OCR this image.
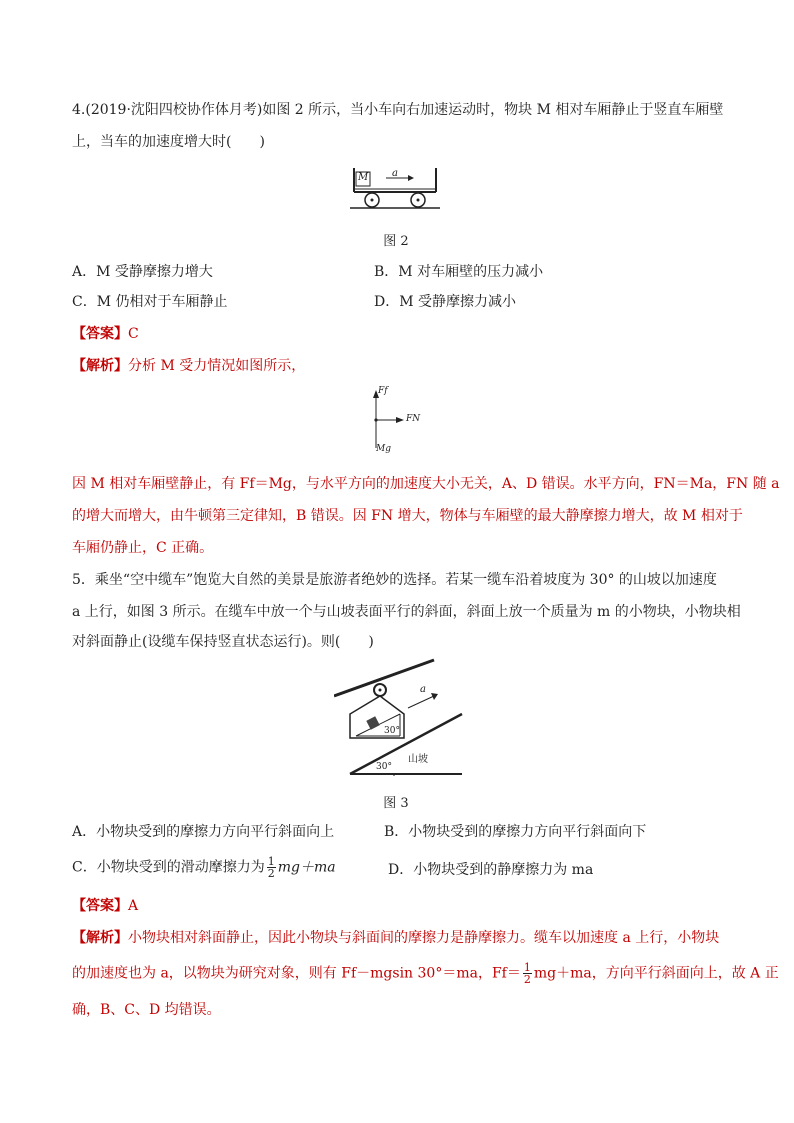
4.(2019·沈阳四校协作体月考)如图 2 所示，当小车向右加速运动时，物块 M 相对车厢静止于竖直车厢壁
上，当车的加速度增大时(　　)
M a
图 2
A．M 受静摩擦力增大	B．M 对车厢壁的压力减小
C．M 仍相对于车厢静止	D．M 受静摩擦力减小
【答案】C
【解析】分析 M 受力情况如图所示，
Ff
FN
Mg
因 M 相对车厢壁静止，有 Ff＝Mg，与水平方向的加速度大小无关，A、D 错误。水平方向，FN＝Ma，FN 随 a
的增大而增大，由牛顿第三定律知，B 错误。因 FN 增大，物体与车厢壁的最大静摩擦力增大，故 M 相对于
车厢仍静止，C 正确。
5．乘坐“空中缆车”饱览大自然的美景是旅游者绝妙的选择。若某一缆车沿着坡度为 30° 的山坡以加速度
a 上行，如图 3 所示。在缆车中放一个与山坡表面平行的斜面，斜面上放一个质量为 m 的小物块，小物块相
对斜面静止(设缆车保持竖直状态运行)。则(　　)
a
30°
30°
山坡
图 3
A．小物块受到的摩擦力方向平行斜面向上	B．小物块受到的摩擦力方向平行斜面向下
C．小物块受到的滑动摩擦力为 $\frac{1}{2} mg+ma$	D．小物块受到的静摩擦力为 ma
【答案】A
【解析】小物块相对斜面静止，因此小物块与斜面间的摩擦力是静摩擦力。缆车以加速度 a 上行，小物块
的加速度也为 a，以物块为研究对象，则有 Ff－mgsin 30°＝ma，$Ff= \frac{1}{2} mg+ma$，方向平行斜面向上，故 A 正
确，B、C、D 均错误。
